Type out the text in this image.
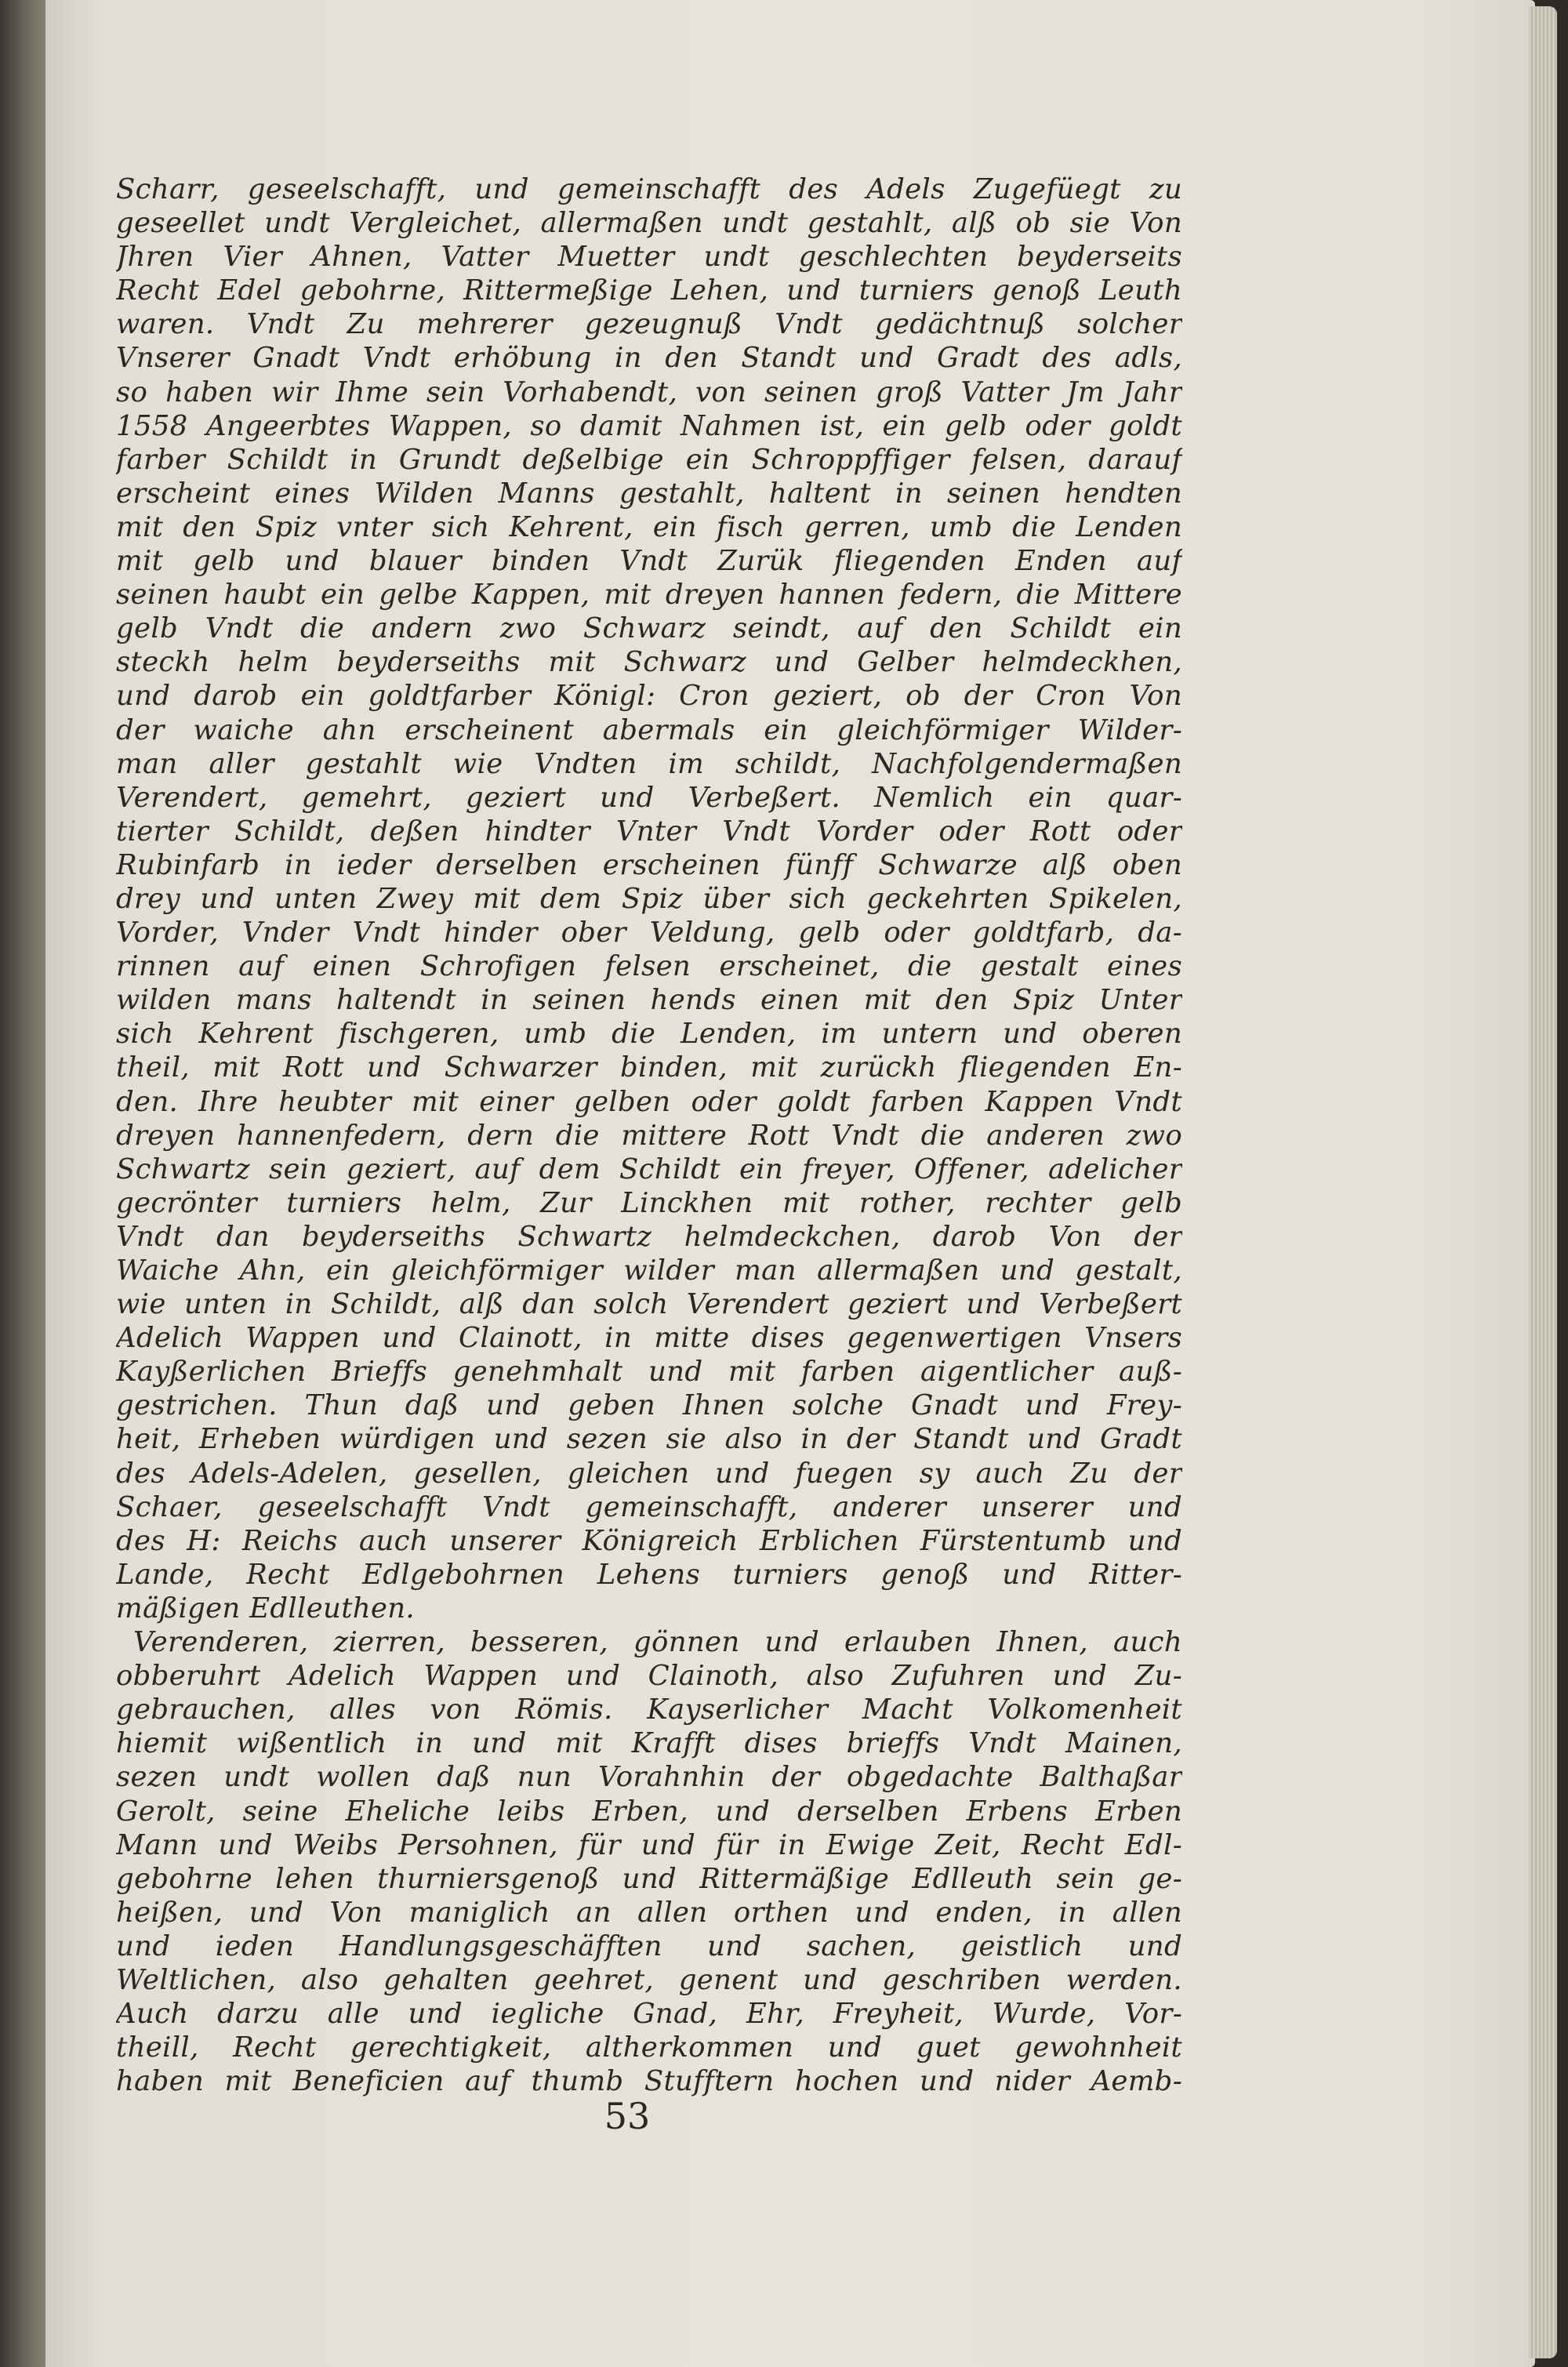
Scharr, geseelschafft, und gemeinschafft des Adels Zugefüegt zu
geseellet undt Vergleichet, allermaßen undt gestahlt, alß ob sie Von
Jhren Vier Ahnen, Vatter Muetter undt geschlechten beyderseits
Recht Edel gebohrne, Rittermeßige Lehen, und turniers genoß Leuth
waren. Vndt Zu mehrerer gezeugnuß Vndt gedächtnuß solcher
Vnserer Gnadt Vndt erhöbung in den Standt und Gradt des adls,
so haben wir Ihme sein Vorhabendt, von seinen groß Vatter Jm Jahr
1558 Angeerbtes Wappen, so damit Nahmen ist, ein gelb oder goldt
farber Schildt in Grundt deßelbige ein Schroppffiger felsen, darauf
erscheint eines Wilden Manns gestahlt, haltent in seinen hendten
mit den Spiz vnter sich Kehrent, ein fisch gerren, umb die Lenden
mit gelb und blauer binden Vndt Zurük fliegenden Enden auf
seinen haubt ein gelbe Kappen, mit dreyen hannen federn, die Mittere
gelb Vndt die andern zwo Schwarz seindt, auf den Schildt ein
steckh helm beyderseiths mit Schwarz und Gelber helmdeckhen,
und darob ein goldtfarber Königl: Cron geziert, ob der Cron Von
der waiche ahn erscheinent abermals ein gleichförmiger Wilder-
man aller gestahlt wie Vndten im schildt, Nachfolgendermaßen
Verendert, gemehrt, geziert und Verbeßert. Nemlich ein quar-
tierter Schildt, deßen hindter Vnter Vndt Vorder oder Rott oder
Rubinfarb in ieder derselben erscheinen fünff Schwarze alß oben
drey und unten Zwey mit dem Spiz über sich geckehrten Spikelen,
Vorder, Vnder Vndt hinder ober Veldung, gelb oder goldtfarb, da-
rinnen auf einen Schrofigen felsen erscheinet, die gestalt eines
wilden mans haltendt in seinen hends einen mit den Spiz Unter
sich Kehrent fischgeren, umb die Lenden, im untern und oberen
theil, mit Rott und Schwarzer binden, mit zurückh fliegenden En-
den. Ihre heubter mit einer gelben oder goldt farben Kappen Vndt
dreyen hannenfedern, dern die mittere Rott Vndt die anderen zwo
Schwartz sein geziert, auf dem Schildt ein freyer, Offener, adelicher
gecrönter turniers helm, Zur Linckhen mit rother, rechter gelb
Vndt dan beyderseiths Schwartz helmdeckchen, darob Von der
Waiche Ahn, ein gleichförmiger wilder man allermaßen und gestalt,
wie unten in Schildt, alß dan solch Verendert geziert und Verbeßert
Adelich Wappen und Clainott, in mitte dises gegenwertigen Vnsers
Kayßerlichen Brieffs genehmhalt und mit farben aigentlicher auß-
gestrichen. Thun daß und geben Ihnen solche Gnadt und Frey-
heit, Erheben würdigen und sezen sie also in der Standt und Gradt
des Adels-Adelen, gesellen, gleichen und fuegen sy auch Zu der
Schaer, geseelschafft Vndt gemeinschafft, anderer unserer und
des H: Reichs auch unserer Königreich Erblichen Fürstentumb und
Lande, Recht Edlgebohrnen Lehens turniers genoß und Ritter-
mäßigen Edlleuthen.
Verenderen, zierren, besseren, gönnen und erlauben Ihnen, auch
obberuhrt Adelich Wappen und Clainoth, also Zufuhren und Zu-
gebrauchen, alles von Römis. Kayserlicher Macht Volkomenheit
hiemit wißentlich in und mit Krafft dises brieffs Vndt Mainen,
sezen undt wollen daß nun Vorahnhin der obgedachte Balthaßar
Gerolt, seine Eheliche leibs Erben, und derselben Erbens Erben
Mann und Weibs Persohnen, für und für in Ewige Zeit, Recht Edl-
gebohrne lehen thurniersgenoß und Rittermäßige Edlleuth sein ge-
heißen, und Von maniglich an allen orthen und enden, in allen
und ieden Handlungsgeschäfften und sachen, geistlich und
Weltlichen, also gehalten geehret, genent und geschriben werden.
Auch darzu alle und iegliche Gnad, Ehr, Freyheit, Wurde, Vor-
theill, Recht gerechtigkeit, altherkommen und guet gewohnheit
haben mit Beneficien auf thumb Stufftern hochen und nider Aemb-
53
